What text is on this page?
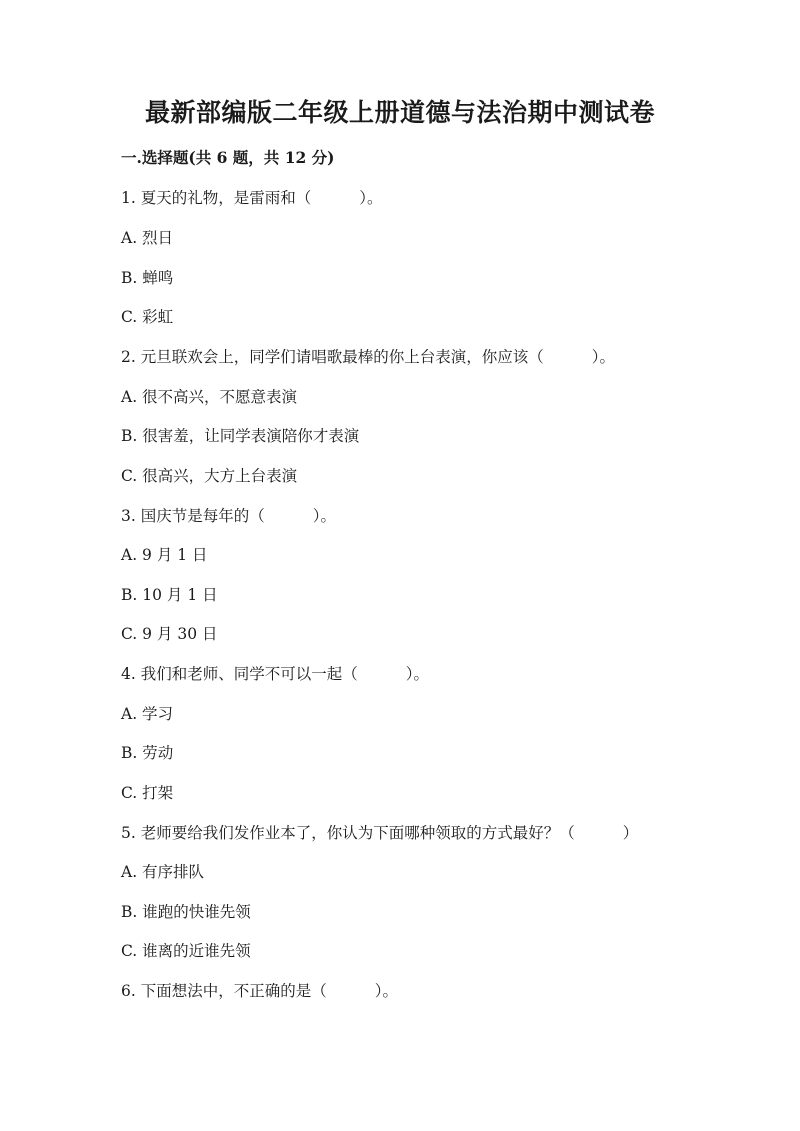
最新部编版二年级上册道德与法治期中测试卷
一.选择题(共 6 题，共 12 分)
1. 夏天的礼物，是雷雨和（	）。
A. 烈日
B. 蝉鸣
C. 彩虹
2. 元旦联欢会上，同学们请唱歌最棒的你上台表演，你应该（	）。
A. 很不高兴，不愿意表演
B. 很害羞，让同学表演陪你才表演
C. 很高兴，大方上台表演
3. 国庆节是每年的（	）。
A. 9 月 1 日
B. 10 月 1 日
C. 9 月 30 日
4. 我们和老师、同学不可以一起（	）。
A. 学习
B. 劳动
C. 打架
5. 老师要给我们发作业本了，你认为下面哪种领取的方式最好？（	）
A. 有序排队
B. 谁跑的快谁先领
C. 谁离的近谁先领
6. 下面想法中，不正确的是（	）。
